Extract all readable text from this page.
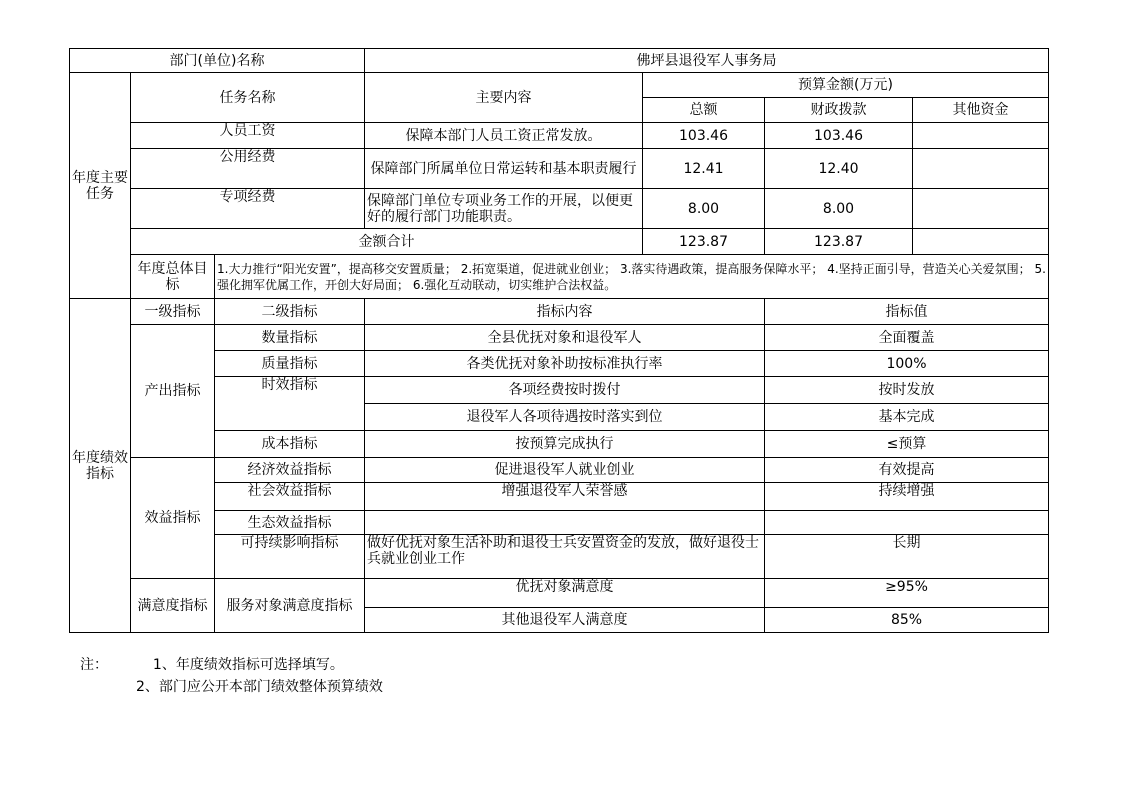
部门(单位)名称			佛坪县退役军人事务局			
年度主要任务	任务名称		主要内容	预算金额(万元)		
				总额	财政拨款	其他资金
	人员工资		保障本部门人员工资正常发放。	103.46	103.46	
	公用经费		保障部门所属单位日常运转和基本职责履行	12.41	12.40	
	专项经费		保障部门单位专项业务工作的开展，以便更好的履行部门功能职责。	8.00	8.00	
	金额合计			123.87	123.87	
	年度总体目标	1.大力推行“阳光安置”，提高移交安置质量； 2.拓宽渠道，促进就业创业； 3.落实待遇政策，提高服务保障水平； 4.坚持正面引导，营造关心关爱氛围； 5.强化拥军优属工作，开创大好局面； 6.强化互动联动，切实维护合法权益。				
年度绩效指标	一级指标	二级指标	指标内容		指标值	
	产出指标	数量指标	全县优抚对象和退役军人		全面覆盖	
		质量指标	各类优抚对象补助按标准执行率		100%	
		时效指标	各项经费按时拨付		按时发放	
			退役军人各项待遇按时落实到位		基本完成	
		成本指标	按预算完成执行		≤预算	
	效益指标	经济效益指标	促进退役军人就业创业		有效提高	
		社会效益指标	增强退役军人荣誉感		持续增强	
		生态效益指标				
		可持续影响指标	做好优抚对象生活补助和退役士兵安置资金的发放，做好退役士兵就业创业工作		长期	
	满意度指标	服务对象满意度指标	优抚对象满意度		≥95%	
			其他退役军人满意度		85%	
注：	1、年度绩效指标可选择填写。
2、部门应公开本部门绩效整体预算绩效
